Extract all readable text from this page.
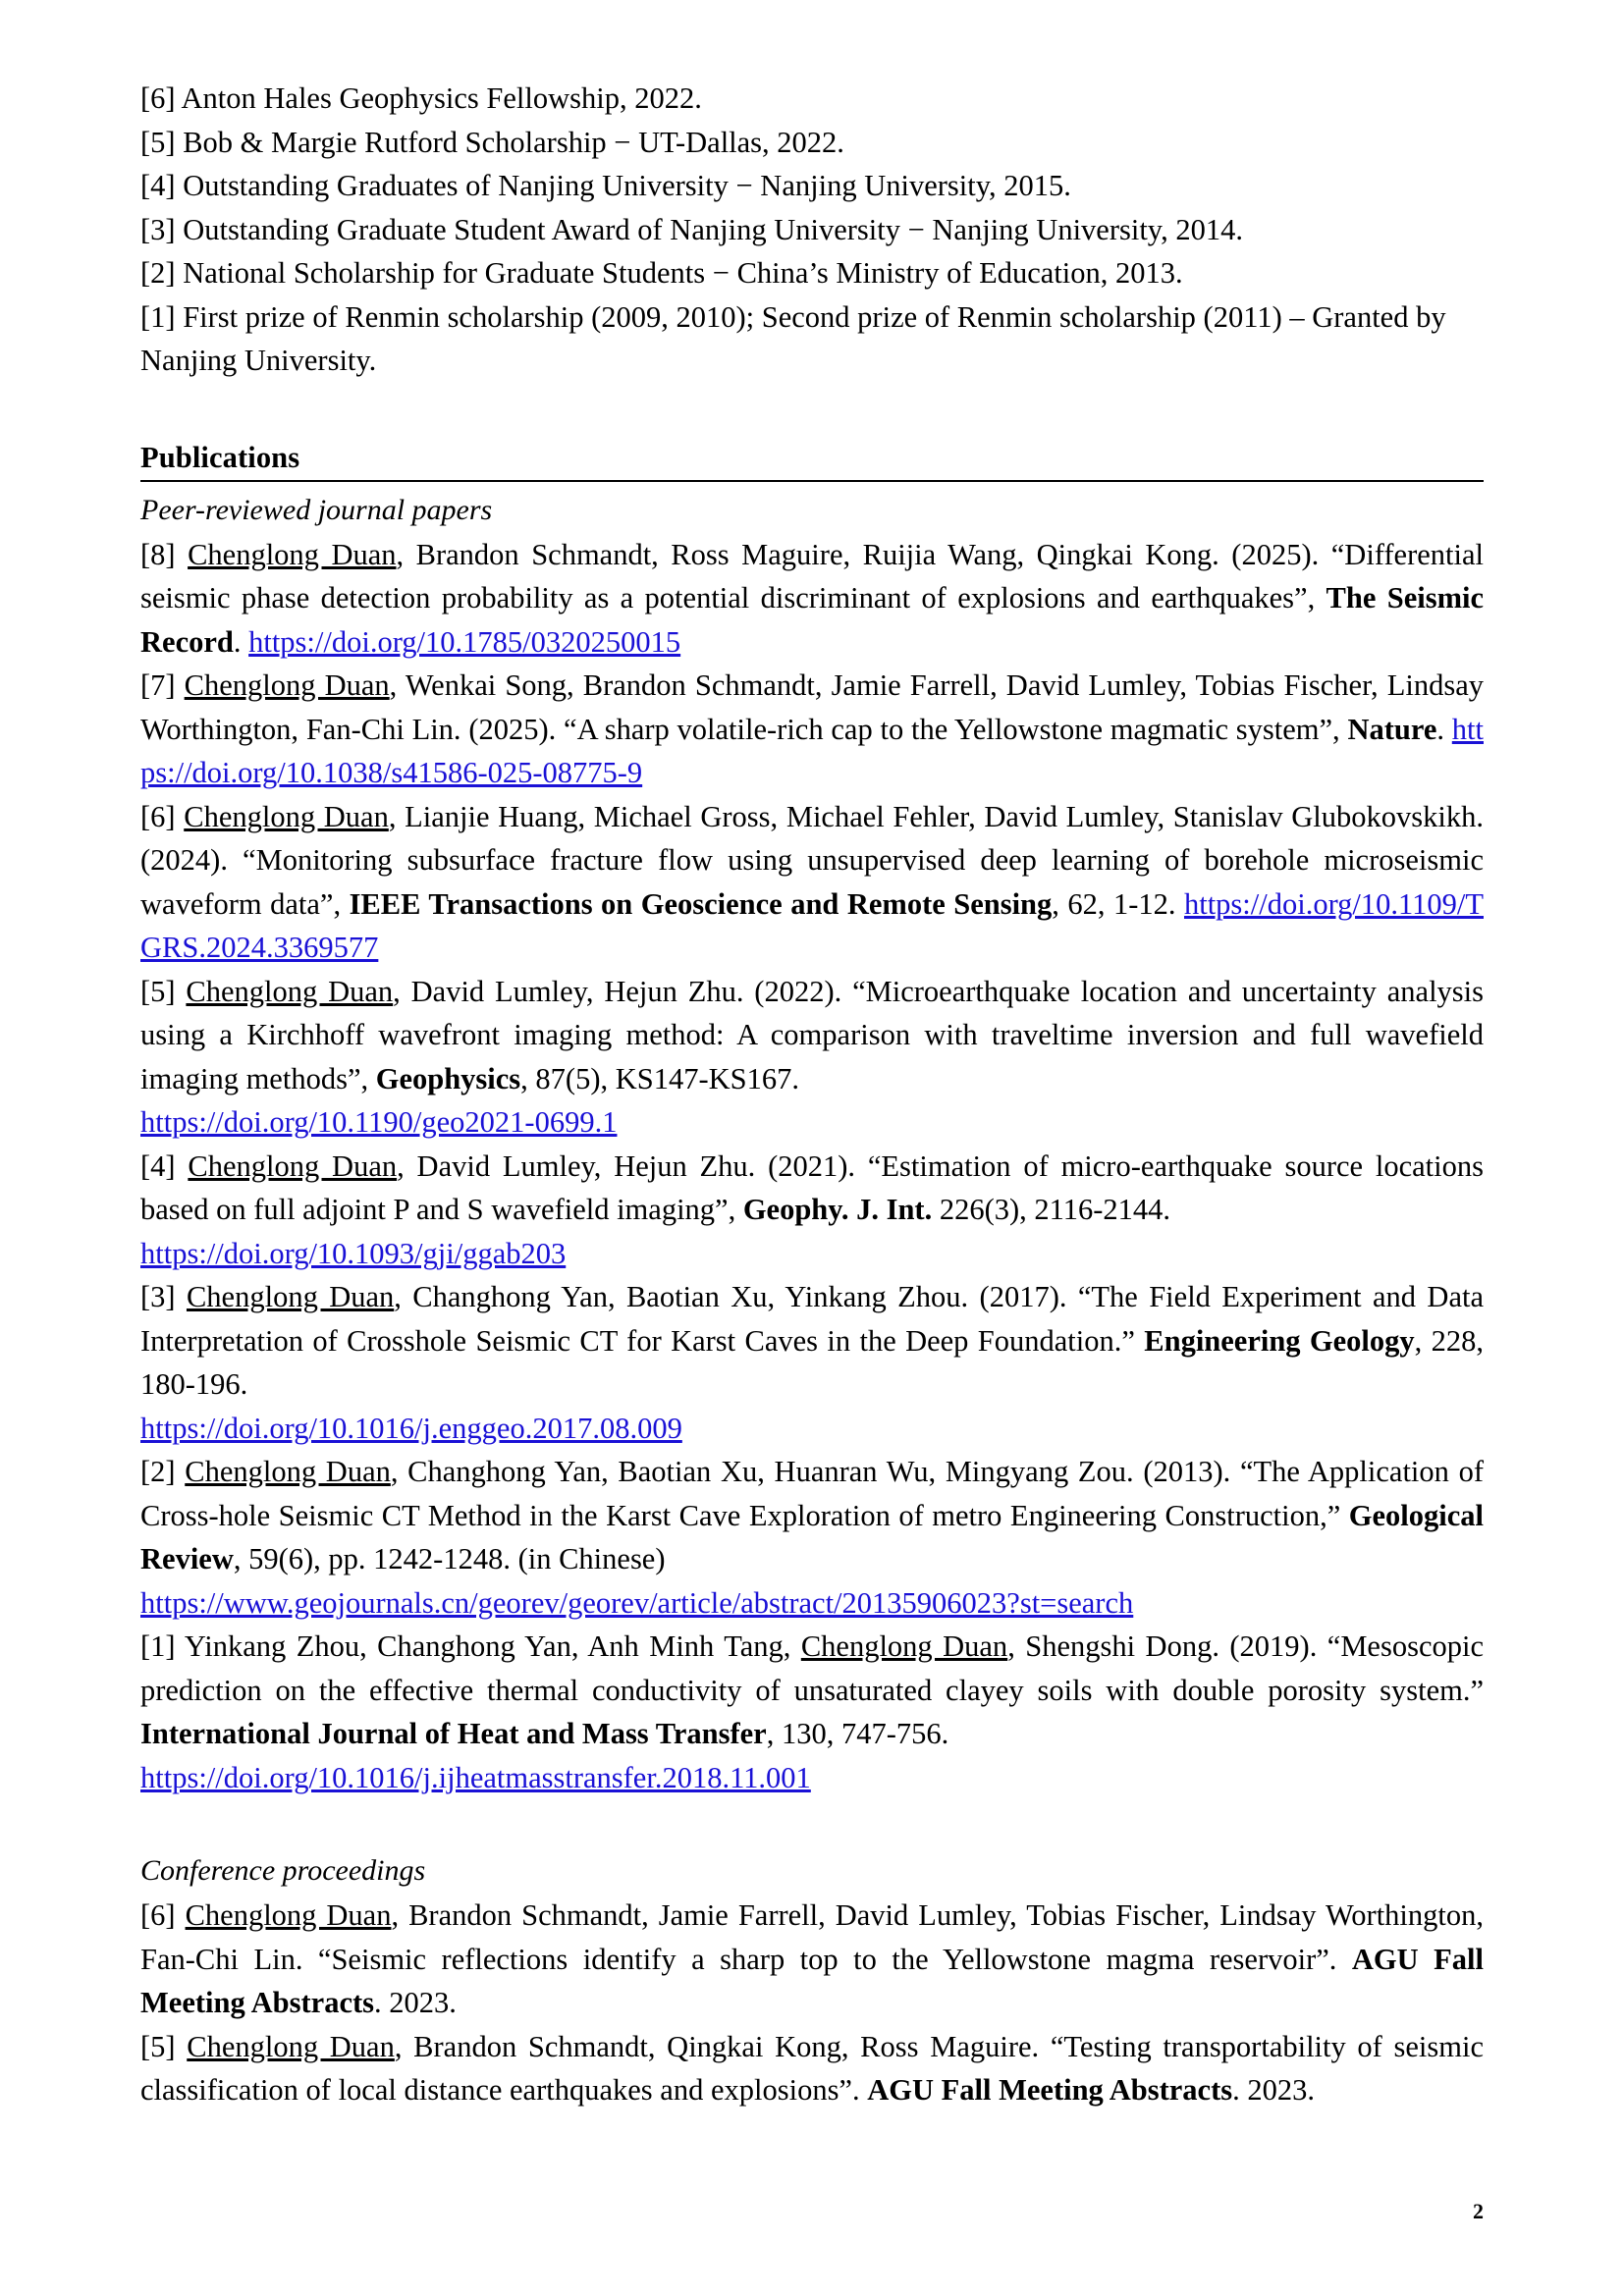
[6] Anton Hales Geophysics Fellowship, 2022.
[5] Bob & Margie Rutford Scholarship − UT-Dallas, 2022.
[4] Outstanding Graduates of Nanjing University − Nanjing University, 2015.
[3] Outstanding Graduate Student Award of Nanjing University − Nanjing University, 2014.
[2] National Scholarship for Graduate Students − China’s Ministry of Education, 2013.
[1] First prize of Renmin scholarship (2009, 2010); Second prize of Renmin scholarship (2011) – Granted by Nanjing University.
Publications
Peer-reviewed journal papers

[8] Chenglong Duan, Brandon Schmandt, Ross Maguire, Ruijia Wang, Qingkai Kong. (2025). “Differential seismic phase detection probability as a potential discriminant of explosions and earthquakes”, The Seismic Record. https://doi.org/10.1785/0320250015

[7] Chenglong Duan, Wenkai Song, Brandon Schmandt, Jamie Farrell, David Lumley, Tobias Fischer, Lindsay Worthington, Fan-Chi Lin. (2025). “A sharp volatile-rich cap to the Yellowstone magmatic system”, Nature. https://doi.org/10.1038/s41586-025-08775-9

[6] Chenglong Duan, Lianjie Huang, Michael Gross, Michael Fehler, David Lumley, Stanislav Glubokovskikh. (2024). “Monitoring subsurface fracture flow using unsupervised deep learning of borehole microseismic waveform data”, IEEE Transactions on Geoscience and Remote Sensing, 62, 1-12. https://doi.org/10.1109/TGRS.2024.3369577

[5] Chenglong Duan, David Lumley, Hejun Zhu. (2022). “Microearthquake location and uncertainty analysis using a Kirchhoff wavefront imaging method: A comparison with traveltime inversion and full wavefield imaging methods”, Geophysics, 87(5), KS147-KS167.

https://doi.org/10.1190/geo2021-0699.1

[4] Chenglong Duan, David Lumley, Hejun Zhu. (2021). “Estimation of micro-earthquake source locations based on full adjoint P and S wavefield imaging”, Geophy. J. Int. 226(3), 2116-2144.

https://doi.org/10.1093/gji/ggab203

[3] Chenglong Duan, Changhong Yan, Baotian Xu, Yinkang Zhou. (2017). “The Field Experiment and Data Interpretation of Crosshole Seismic CT for Karst Caves in the Deep Foundation.” Engineering Geology, 228, 180-196.

https://doi.org/10.1016/j.enggeo.2017.08.009

[2] Chenglong Duan, Changhong Yan, Baotian Xu, Huanran Wu, Mingyang Zou. (2013). “The Application of Cross-hole Seismic CT Method in the Karst Cave Exploration of metro Engineering Construction,” Geological Review, 59(6), pp. 1242-1248. (in Chinese)

https://www.geojournals.cn/georev/georev/article/abstract/20135906023?st=search

[1] Yinkang Zhou, Changhong Yan, Anh Minh Tang, Chenglong Duan, Shengshi Dong. (2019). “Mesoscopic prediction on the effective thermal conductivity of unsaturated clayey soils with double porosity system.” International Journal of Heat and Mass Transfer, 130, 747-756.

https://doi.org/10.1016/j.ijheatmasstransfer.2018.11.001

Conference proceedings

[6] Chenglong Duan, Brandon Schmandt, Jamie Farrell, David Lumley, Tobias Fischer, Lindsay Worthington, Fan-Chi Lin. “Seismic reflections identify a sharp top to the Yellowstone magma reservoir”. AGU Fall Meeting Abstracts. 2023.

[5] Chenglong Duan, Brandon Schmandt, Qingkai Kong, Ross Maguire. “Testing transportability of seismic classification of local distance earthquakes and explosions”. AGU Fall Meeting Abstracts. 2023.

2
